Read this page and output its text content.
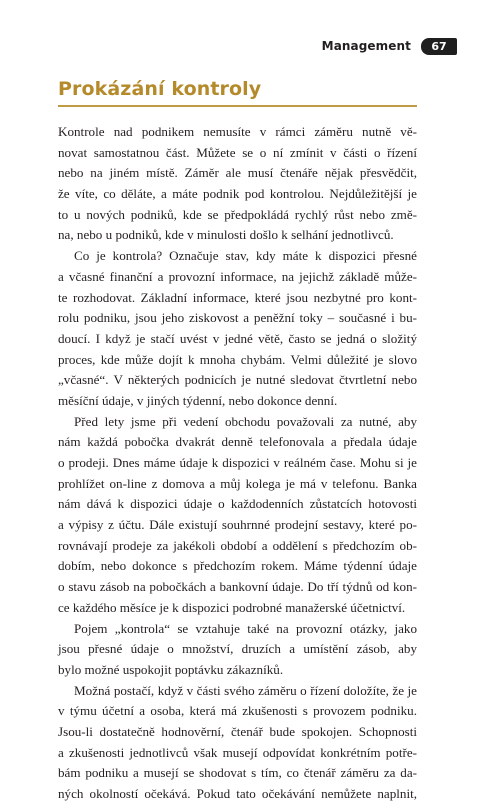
Management	67
Prokázání kontroly

Kontrole nad podnikem nemusíte v rámci záměru nutně vě-
novat samostatnou část. Můžete se o ní zmínit v části o řízení
nebo na jiném místě. Záměr ale musí čtenáře nějak přesvědčit,
že víte, co děláte, a máte podnik pod kontrolou. Nejdůležitější je
to u nových podniků, kde se předpokládá rychlý růst nebo změ-
na, nebo u podniků, kde v minulosti došlo k selhání jednotlivců.

Co je kontrola? Označuje stav, kdy máte k dispozici přesné
a včasné finanční a provozní informace, na jejichž základě může-
te rozhodovat. Základní informace, které jsou nezbytné pro kont-
rolu podniku, jsou jeho ziskovost a peněžní toky – současné i bu-
doucí. I když je stačí uvést v jedné větě, často se jedná o složitý
proces, kde může dojít k mnoha chybám. Velmi důležité je slovo
„včasné“. V některých podnicích je nutné sledovat čtvrtletní nebo
měsíční údaje, v jiných týdenní, nebo dokonce denní.

Před lety jsme při vedení obchodu považovali za nutné, aby
nám každá pobočka dvakrát denně telefonovala a předala údaje
o prodeji. Dnes máme údaje k dispozici v reálném čase. Mohu si je
prohlížet on-line z domova a můj kolega je má v telefonu. Banka
nám dává k dispozici údaje o každodenních zůstatcích hotovosti
a výpisy z účtu. Dále existují souhrnné prodejní sestavy, které po-
rovnávají prodeje za jakékoli období a oddělení s předchozím ob-
dobím, nebo dokonce s předchozím rokem. Máme týdenní údaje
o stavu zásob na pobočkách a bankovní údaje. Do tří týdnů od kon-
ce každého měsíce je k dispozici podrobné manažerské účetnictví.

Pojem „kontrola“ se vztahuje také na provozní otázky, jako
jsou přesné údaje o množství, druzích a umístění zásob, aby
bylo možné uspokojit poptávku zákazníků.

Možná postačí, když v části svého záměru o řízení doložíte, že je
v týmu účetní a osoba, která má zkušenosti s provozem podniku.
Jsou-li dostatečně hodnověrní, čtenář bude spokojen. Schopnosti
a zkušenosti jednotlivců však musejí odpovídat konkrétním potře-
bám podniku a musejí se shodovat s tím, co čtenář záměru za da-
ných okolností očekává. Pokud tato očekávání nemůžete naplnit,
